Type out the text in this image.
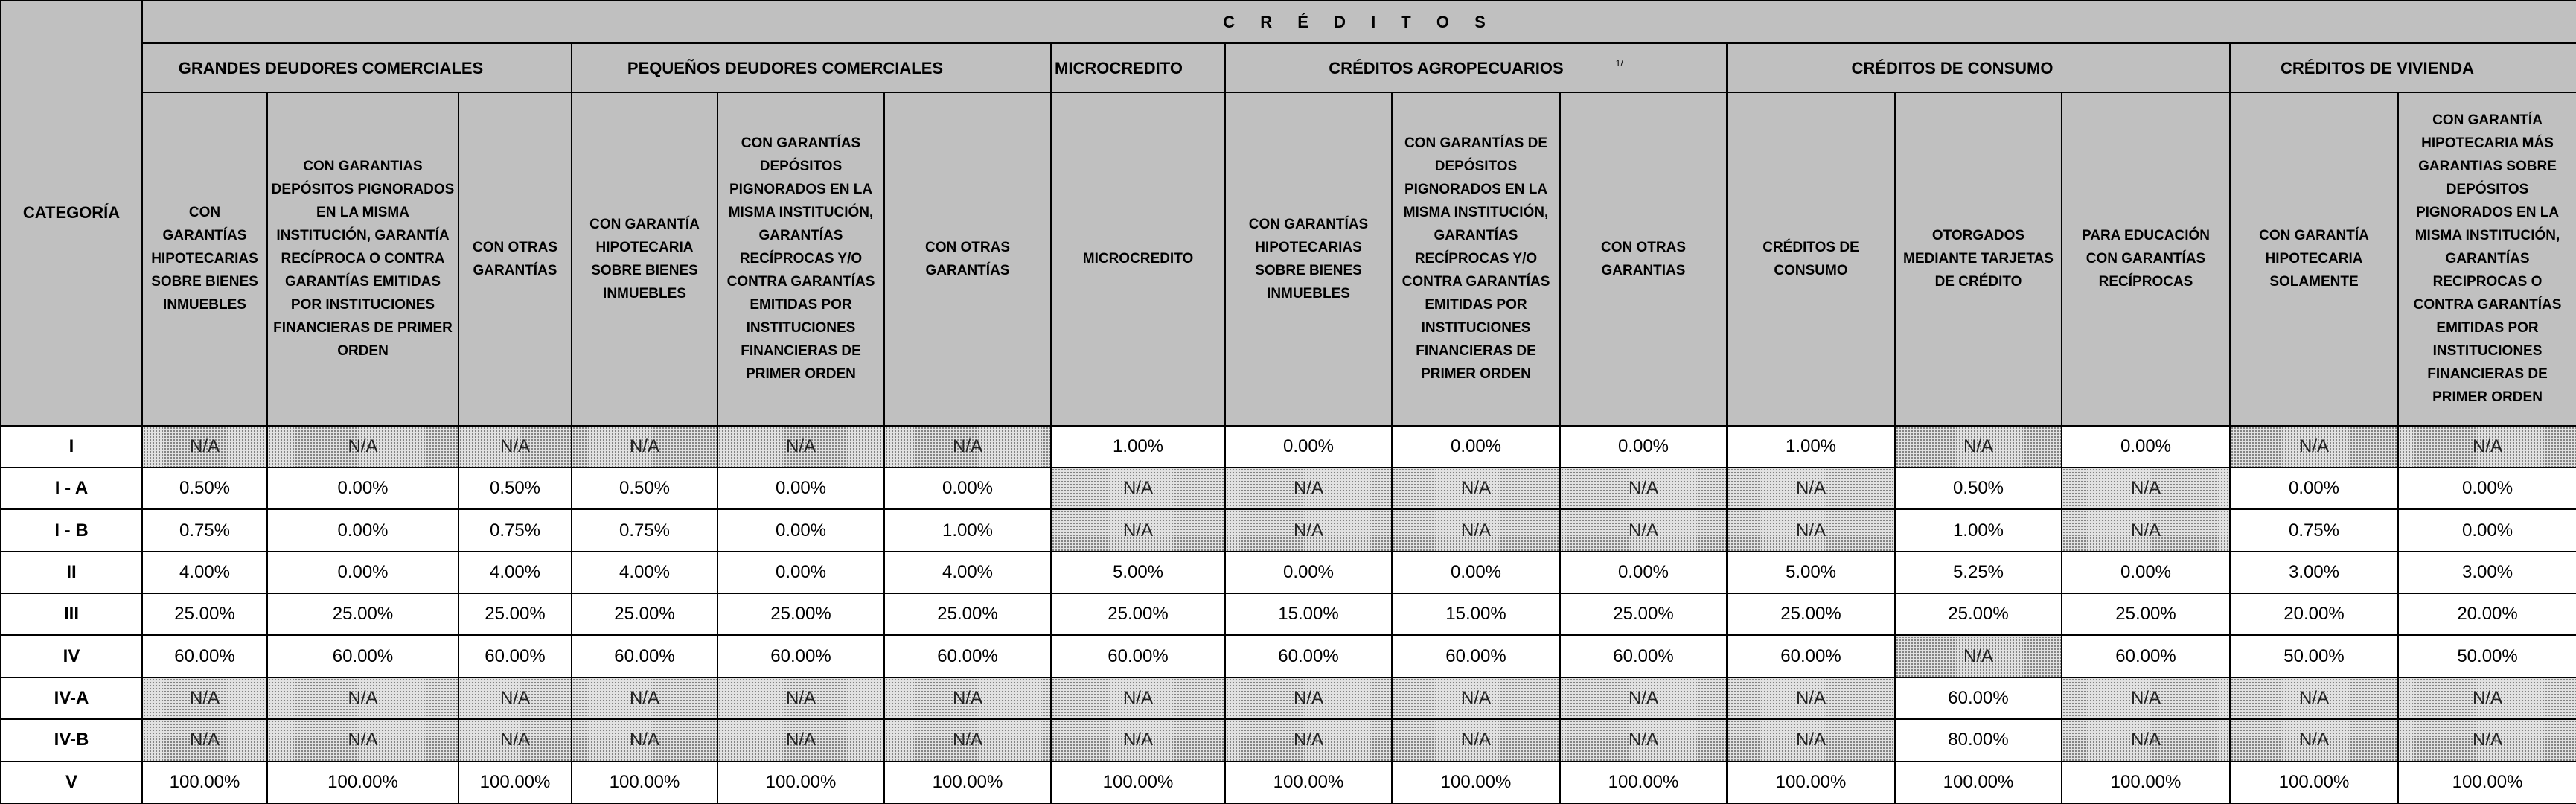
CATEGORÍA	C R É D I T O S														
	GRANDES DEUDORES COMERCIALES			PEQUEÑOS DEUDORES COMERCIALES			MICROCREDITO	CRÉDITOS AGROPECUARIOS $^{1/}$			CRÉDITOS DE CONSUMO			CRÉDITOS DE VIVIENDA	
	CON GARANTÍAS HIPOTECARIAS SOBRE BIENES INMUEBLES	CON GARANTIAS DEPÓSITOS PIGNORADOS EN LA MISMA INSTITUCIÓN, GARANTÍA RECÍPROCA O CONTRA GARANTÍAS EMITIDAS POR INSTITUCIONES FINANCIERAS DE PRIMER ORDEN	CON OTRAS GARANTÍAS	CON GARANTÍA HIPOTECARIA SOBRE BIENES INMUEBLES	CON GARANTÍAS DEPÓSITOS PIGNORADOS EN LA MISMA INSTITUCIÓN, GARANTÍAS RECÍPROCAS Y/O CONTRA GARANTÍAS EMITIDAS POR INSTITUCIONES FINANCIERAS DE PRIMER ORDEN	CON OTRAS GARANTÍAS	MICROCREDITO	CON GARANTÍAS HIPOTECARIAS SOBRE BIENES INMUEBLES	CON GARANTÍAS DE DEPÓSITOS PIGNORADOS EN LA MISMA INSTITUCIÓN, GARANTÍAS RECÍPROCAS Y/O CONTRA GARANTÍAS EMITIDAS POR INSTITUCIONES FINANCIERAS DE PRIMER ORDEN	CON OTRAS GARANTIAS	CRÉDITOS DE CONSUMO	OTORGADOS MEDIANTE TARJETAS DE CRÉDITO	PARA EDUCACIÓN CON GARANTÍAS RECÍPROCAS	CON GARANTÍA HIPOTECARIA SOLAMENTE	CON GARANTÍA HIPOTECARIA MÁS GARANTIAS SOBRE DEPÓSITOS PIGNORADOS EN LA MISMA INSTITUCIÓN, GARANTÍAS RECIPROCAS O CONTRA GARANTÍAS EMITIDAS POR INSTITUCIONES FINANCIERAS DE PRIMER ORDEN
I	N/A	N/A	N/A	N/A	N/A	N/A	1.00%	0.00%	0.00%	0.00%	1.00%	N/A	0.00%	N/A	N/A
I - A	0.50%	0.00%	0.50%	0.50%	0.00%	0.00%	N/A	N/A	N/A	N/A	N/A	0.50%	N/A	0.00%	0.00%
I - B	0.75%	0.00%	0.75%	0.75%	0.00%	1.00%	N/A	N/A	N/A	N/A	N/A	1.00%	N/A	0.75%	0.00%
II	4.00%	0.00%	4.00%	4.00%	0.00%	4.00%	5.00%	0.00%	0.00%	0.00%	5.00%	5.25%	0.00%	3.00%	3.00%
III	25.00%	25.00%	25.00%	25.00%	25.00%	25.00%	25.00%	15.00%	15.00%	25.00%	25.00%	25.00%	25.00%	20.00%	20.00%
IV	60.00%	60.00%	60.00%	60.00%	60.00%	60.00%	60.00%	60.00%	60.00%	60.00%	60.00%	N/A	60.00%	50.00%	50.00%
IV-A	N/A	N/A	N/A	N/A	N/A	N/A	N/A	N/A	N/A	N/A	N/A	60.00%	N/A	N/A	N/A
IV-B	N/A	N/A	N/A	N/A	N/A	N/A	N/A	N/A	N/A	N/A	N/A	80.00%	N/A	N/A	N/A
V	100.00%	100.00%	100.00%	100.00%	100.00%	100.00%	100.00%	100.00%	100.00%	100.00%	100.00%	100.00%	100.00%	100.00%	100.00%
